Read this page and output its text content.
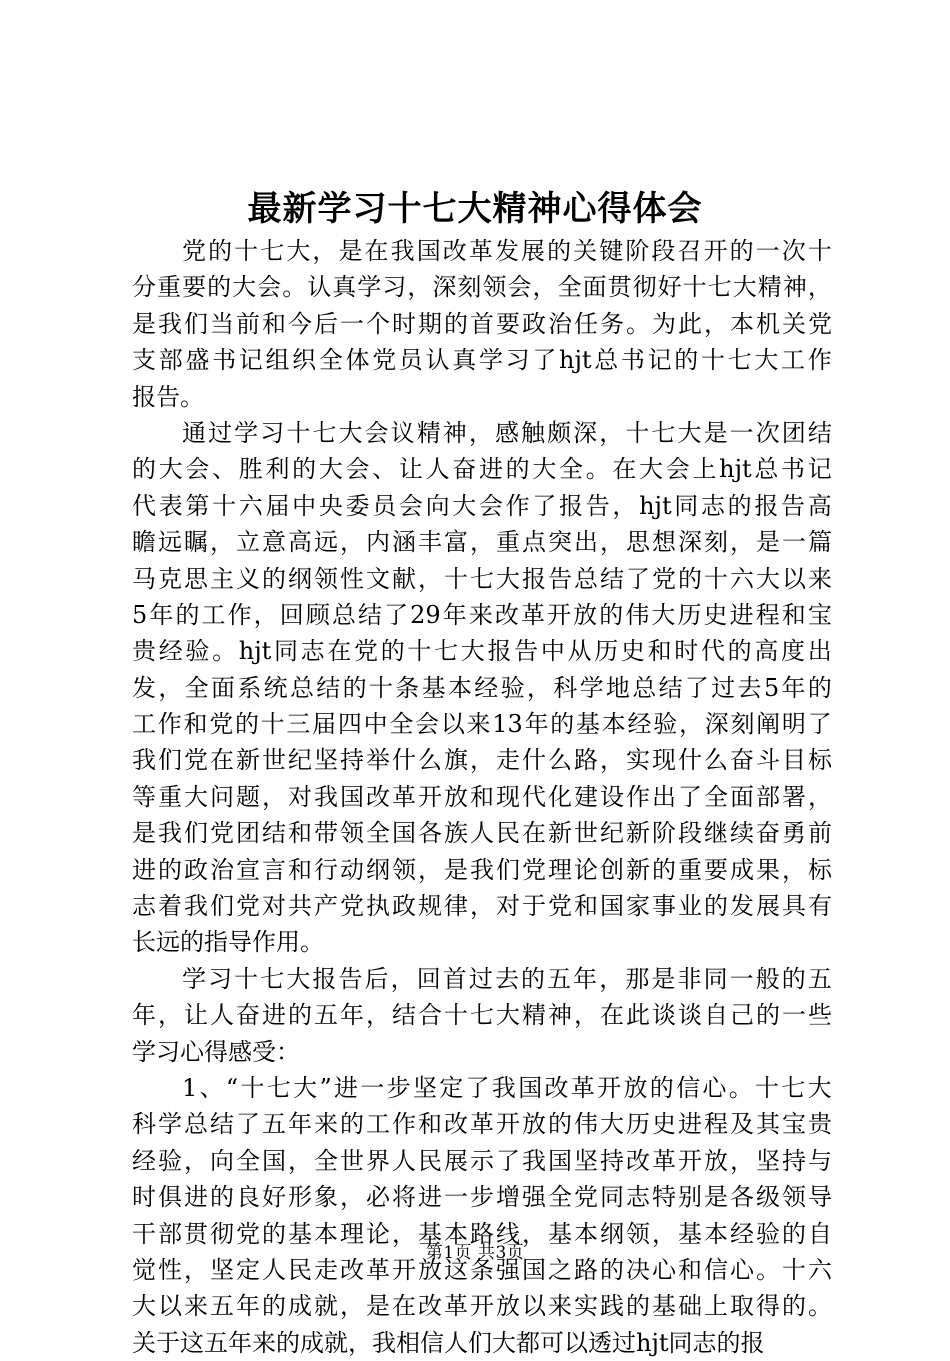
最新学习十七大精神心得体会
党 的 十 七 大 ， 是 在 我 国 改 革 发 展 的 关 键 阶 段 召 开 的 一 次 十
分 重 要 的 大 会 。 认 真 学 习 ， 深 刻 领 会 ， 全 面 贯 彻 好 十 七 大 精 神 ，
是 我 们 当 前 和 今 后 一 个 时 期 的 首 要 政 治 任 务 。 为 此 ， 本 机 关 党
支 部 盛 书 记 组 织 全 体 党 员 认 真 学 习 了 hjt 总 书 记 的 十 七 大 工 作
报告。
通 过 学 习 十 七 大 会 议 精 神 ， 感 触 颇 深 ， 十 七 大 是 一 次 团 结
的 大 会 、 胜 利 的 大 会 、 让 人 奋 进 的 大 全 。 在 大 会 上 hjt 总 书 记
代 表 第 十 六 届 中 央 委 员 会 向 大 会 作 了 报 告 ， hjt 同 志 的 报 告 高
瞻 远 瞩 ， 立 意 高 远 ， 内 涵 丰 富 ， 重 点 突 出 ， 思 想 深 刻 ， 是 一 篇
马 克 思 主 义 的 纲 领 性 文 献 ， 十 七 大 报 告 总 结 了 党 的 十 六 大 以 来
5 年 的 工 作 ， 回 顾 总 结 了 29 年 来 改 革 开 放 的 伟 大 历 史 进 程 和 宝
贵 经 验 。 hjt 同 志 在 党 的 十 七 大 报 告 中 从 历 史 和 时 代 的 高 度 出
发 ， 全 面 系 统 总 结 的 十 条 基 本 经 验 ， 科 学 地 总 结 了 过 去 5 年 的
工 作 和 党 的 十 三 届 四 中 全 会 以 来 13 年 的 基 本 经 验 ， 深 刻 阐 明 了
我 们 党 在 新 世 纪 坚 持 举 什 么 旗 ， 走 什 么 路 ， 实 现 什 么 奋 斗 目 标
等 重 大 问 题 ， 对 我 国 改 革 开 放 和 现 代 化 建 设 作 出 了 全 面 部 署 ，
是 我 们 党 团 结 和 带 领 全 国 各 族 人 民 在 新 世 纪 新 阶 段 继 续 奋 勇 前
进 的 政 治 宣 言 和 行 动 纲 领 ， 是 我 们 党 理 论 创 新 的 重 要 成 果 ， 标
志 着 我 们 党 对 共 产 党 执 政 规 律 ， 对 于 党 和 国 家 事 业 的 发 展 具 有
长远的指导作用。
学 习 十 七 大 报 告 后 ， 回 首 过 去 的 五 年 ， 那 是 非 同 一 般 的 五
年 ， 让 人 奋 进 的 五 年 ， 结 合 十 七 大 精 神 ， 在 此 谈 谈 自 己 的 一 些
学习心得感受：
1 、 “ 十 七 大 ” 进 一 步 坚 定 了 我 国 改 革 开 放 的 信 心 。 十 七 大
科 学 总 结 了 五 年 来 的 工 作 和 改 革 开 放 的 伟 大 历 史 进 程 及 其 宝 贵
经 验 ， 向 全 国 ， 全 世 界 人 民 展 示 了 我 国 坚 持 改 革 开 放 ， 坚 持 与
时 俱 进 的 良 好 形 象 ， 必 将 进 一 步 增 强 全 党 同 志 特 别 是 各 级 领 导
干 部 贯 彻 党 的 基 本 理 论 ， 基 本 路 线 ， 基 本 纲 领 ， 基 本 经 验 的 自
觉 性 ， 坚 定 人 民 走 改 革 开 放 这 条 强 国 之 路 的 决 心 和 信 心 。 十 六
大 以 来 五 年 的 成 就 ， 是 在 改 革 开 放 以 来 实 践 的 基 础 上 取 得 的 。
关于这五年来的成就，我相信人们大都可以透过hjt同志的报
第1页 共3页
